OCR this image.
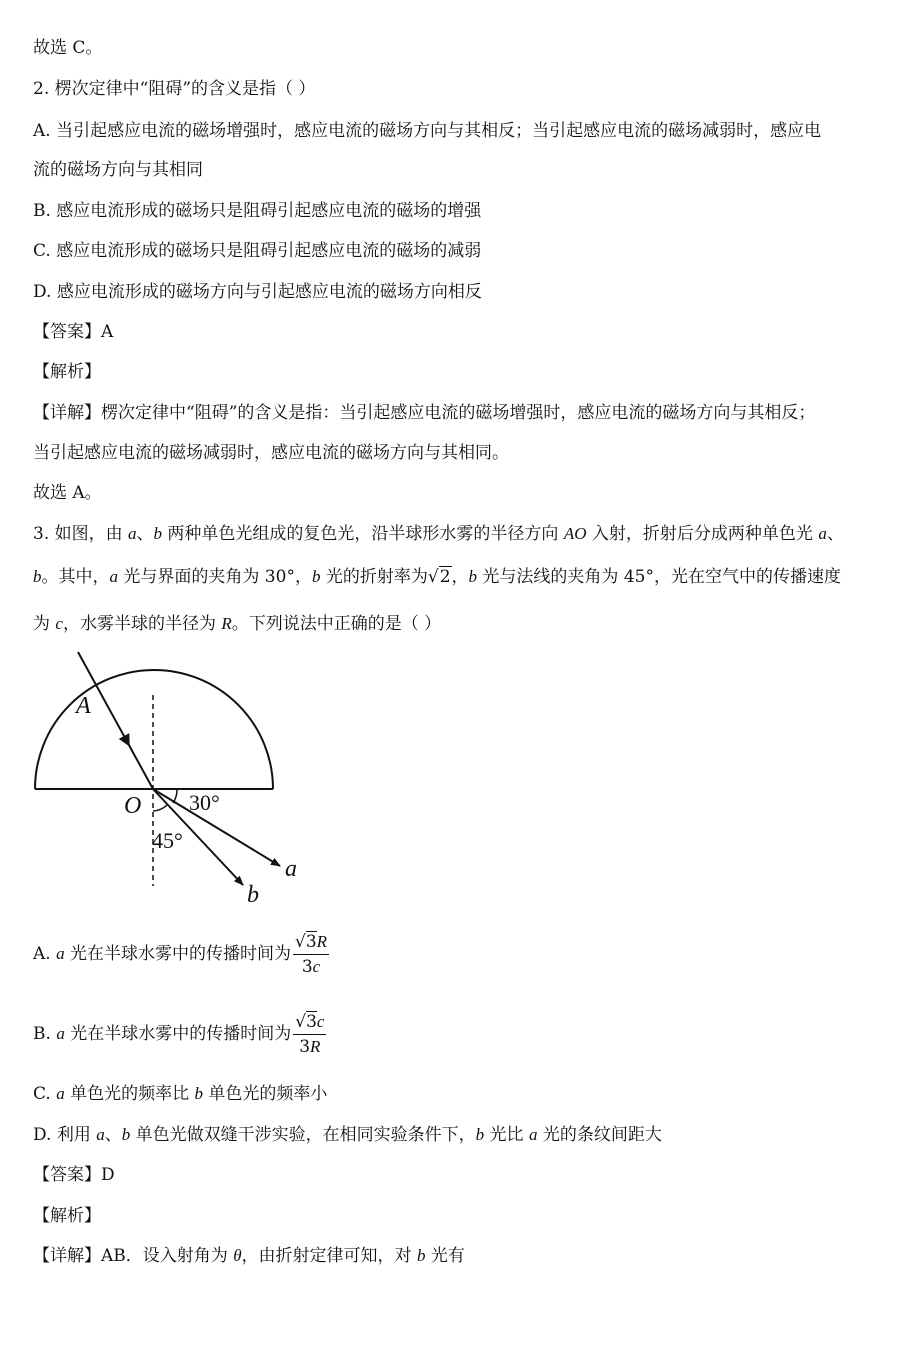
故选 C。
2. 楞次定律中“阻碍”的含义是指（ ）
A. 当引起感应电流的磁场增强时，感应电流的磁场方向与其相反；当引起感应电流的磁场减弱时，感应电
流的磁场方向与其相同
B. 感应电流形成的磁场只是阻碍引起感应电流的磁场的增强
C. 感应电流形成的磁场只是阻碍引起感应电流的磁场的减弱
D. 感应电流形成的磁场方向与引起感应电流的磁场方向相反
【答案】A
【解析】
【详解】楞次定律中“阻碍”的含义是指：当引起感应电流的磁场增强时，感应电流的磁场方向与其相反；
当引起感应电流的磁场减弱时，感应电流的磁场方向与其相同。
故选 A。
3. 如图，由 a、b 两种单色光组成的复色光，沿半球形水雾的半径方向 AO 入射，折射后分成两种单色光 a、
b。其中，a 光与界面的夹角为 30°，b 光的折射率为√2，b 光与法线的夹角为 45°，光在空气中的传播速度
为 c，水雾半球的半径为 R。下列说法中正确的是（ ）
A
O 30°
45°
a
b
A. a 光在半球水雾中的传播时间为 $\frac{√3R}{3c}$
B. a 光在半球水雾中的传播时间为 $\frac{√3c}{3R}$
C. a 单色光的频率比 b 单色光的频率小
D. 利用 a、b 单色光做双缝干涉实验，在相同实验条件下，b 光比 a 光的条纹间距大
【答案】D
【解析】
【详解】AB．设入射角为 θ，由折射定律可知，对 b 光有
